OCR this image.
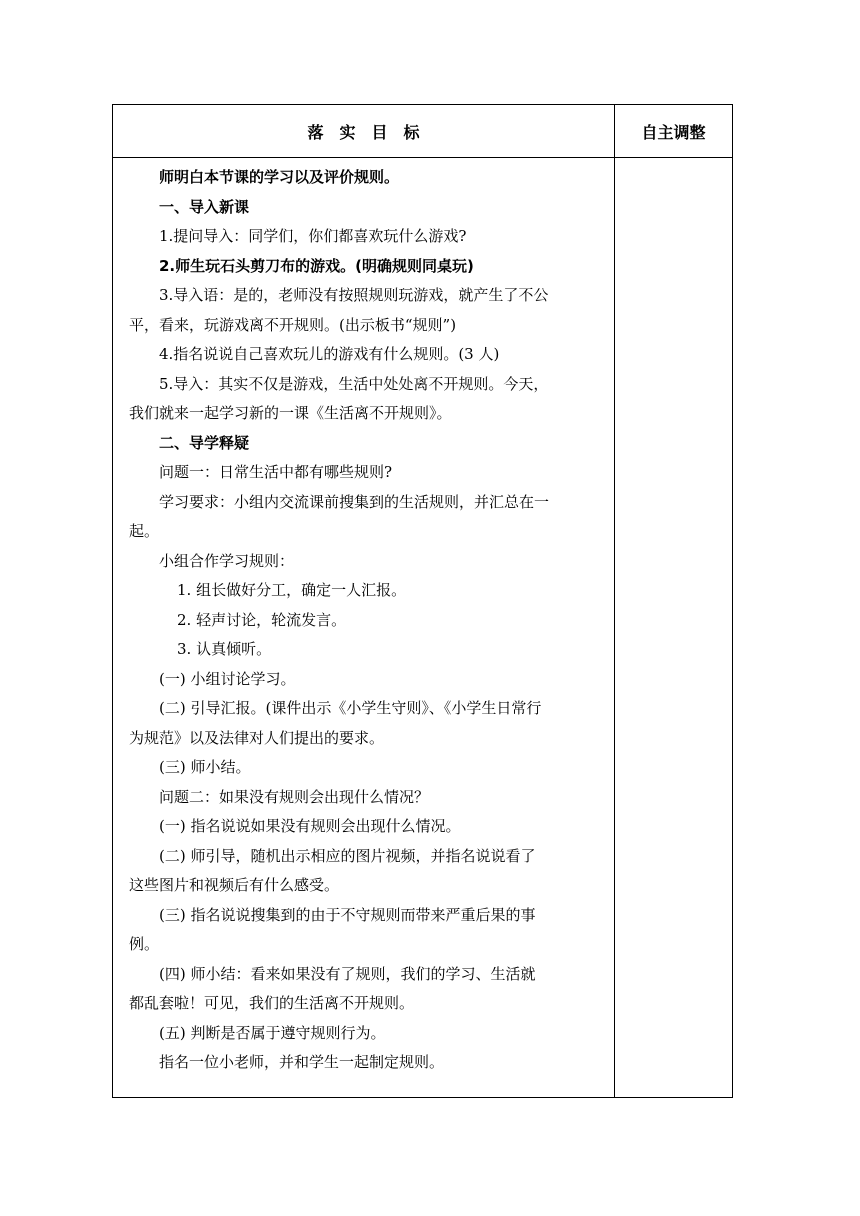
落　实　目　标	自主调整
师明白本节课的学习以及评价规则。
一、导入新课
1.提问导入：同学们，你们都喜欢玩什么游戏?
2.师生玩石头剪刀布的游戏。(明确规则同桌玩)
3.导入语：是的，老师没有按照规则玩游戏，就产生了不公
平，看来，玩游戏离不开规则。(出示板书“规则”)
4.指名说说自己喜欢玩儿的游戏有什么规则。(3 人)
5.导入：其实不仅是游戏，生活中处处离不开规则。今天，
我们就来一起学习新的一课《生活离不开规则》。
二、导学释疑
问题一：日常生活中都有哪些规则?
学习要求：小组内交流课前搜集到的生活规则，并汇总在一
起。
小组合作学习规则：
1. 组长做好分工，确定一人汇报。
2. 轻声讨论，轮流发言。
3. 认真倾听。
(一) 小组讨论学习。
(二) 引导汇报。(课件出示《小学生守则》、《小学生日常行
为规范》以及法律对人们提出的要求。
(三) 师小结。
问题二：如果没有规则会出现什么情况？
(一) 指名说说如果没有规则会出现什么情况。
(二) 师引导，随机出示相应的图片视频，并指名说说看了
这些图片和视频后有什么感受。
(三) 指名说说搜集到的由于不守规则而带来严重后果的事
例。
(四) 师小结：看来如果没有了规则，我们的学习、生活就
都乱套啦！可见，我们的生活离不开规则。
(五) 判断是否属于遵守规则行为。
指名一位小老师，并和学生一起制定规则。
